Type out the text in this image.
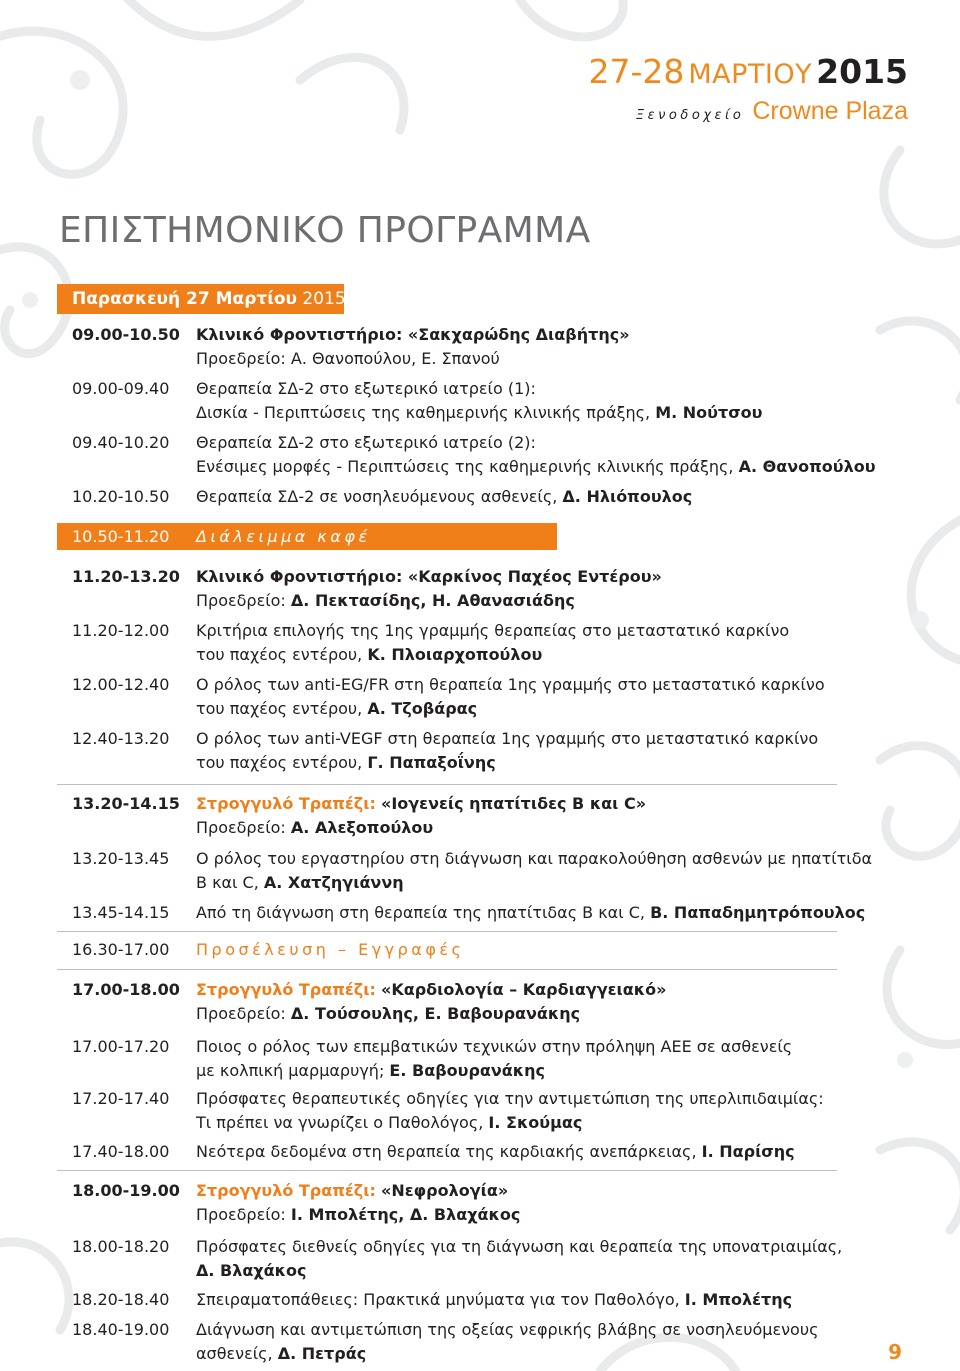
27-28 ΜΑΡΤΙΟΥ 2015
Ξενοδοχείο Crowne Plaza
ΕΠΙΣΤΗΜΟΝΙΚΟ ΠΡΟΓΡΑΜΜΑ
Παρασκευή 27 Μαρτίου 2015
09.00-10.50	Κλινικό Φροντιστήριο: «Σακχαρώδης Διαβήτης»
Προεδρείο: Α. Θανοπούλου, Ε. Σπανού
09.00-09.40	Θεραπεία ΣΔ-2 στο εξωτερικό ιατρείο (1):
Δισκία - Περιπτώσεις της καθημερινής κλινικής πράξης, Μ. Νούτσου
09.40-10.20	Θεραπεία ΣΔ-2 στο εξωτερικό ιατρείο (2):
Ενέσιμες μορφές - Περιπτώσεις της καθημερινής κλινικής πράξης, Α. Θανοπούλου
10.20-10.50	Θεραπεία ΣΔ-2 σε νοσηλευόμενους ασθενείς, Δ. Ηλιόπουλος
10.50-11.20 Διάλειμμα καφέ
11.20-13.20	Κλινικό Φροντιστήριο: «Καρκίνος Παχέος Εντέρου»
Προεδρείο: Δ. Πεκτασίδης, Η. Αθανασιάδης
11.20-12.00	Κριτήρια επιλογής της 1ης γραμμής θεραπείας στο μεταστατικό καρκίνο
του παχέος εντέρου, Κ. Πλοιαρχοπούλου
12.00-12.40	Ο ρόλος των anti-EG/FR στη θεραπεία 1ης γραμμής στο μεταστατικό καρκίνο
του παχέος εντέρου, Α. Τζοβάρας
12.40-13.20	Ο ρόλος των anti-VEGF στη θεραπεία 1ης γραμμής στο μεταστατικό καρκίνο
του παχέος εντέρου, Γ. Παπαξοΐνης
13.20-14.15	Στρογγυλό Τραπέζι: «Ιογενείς ηπατίτιδες Β και C»
Προεδρείο: Α. Αλεξοπούλου
13.20-13.45	Ο ρόλος του εργαστηρίου στη διάγνωση και παρακολούθηση ασθενών με ηπατίτιδα
Β και C, Α. Χατζηγιάννη
13.45-14.15	Από τη διάγνωση στη θεραπεία της ηπατίτιδας Β και C, Β. Παπαδημητρόπουλος
16.30-17.00	Προσέλευση – Εγγραφές
17.00-18.00	Στρογγυλό Τραπέζι: «Καρδιολογία – Καρδιαγγειακό»
Προεδρείο: Δ. Τούσουλης, Ε. Βαβουρανάκης
17.00-17.20	Ποιος ο ρόλος των επεμβατικών τεχνικών στην πρόληψη ΑΕΕ σε ασθενείς
με κολπική μαρμαρυγή; Ε. Βαβουρανάκης
17.20-17.40	Πρόσφατες θεραπευτικές οδηγίες για την αντιμετώπιση της υπερλιπιδαιμίας:
Τι πρέπει να γνωρίζει ο Παθολόγος, Ι. Σκούμας
17.40-18.00	Νεότερα δεδομένα στη θεραπεία της καρδιακής ανεπάρκειας, Ι. Παρίσης
18.00-19.00	Στρογγυλό Τραπέζι: «Νεφρολογία»
Προεδρείο: Ι. Μπολέτης, Δ. Βλαχάκος
18.00-18.20	Πρόσφατες διεθνείς οδηγίες για τη διάγνωση και θεραπεία της υπονατριαιμίας,
Δ. Βλαχάκος
18.20-18.40	Σπειραματοπάθειες: Πρακτικά μηνύματα για τον Παθολόγο, Ι. Μπολέτης
18.40-19.00	Διάγνωση και αντιμετώπιση της οξείας νεφρικής βλάβης σε νοσηλευόμενους
ασθενείς, Δ. Πετράς	9
